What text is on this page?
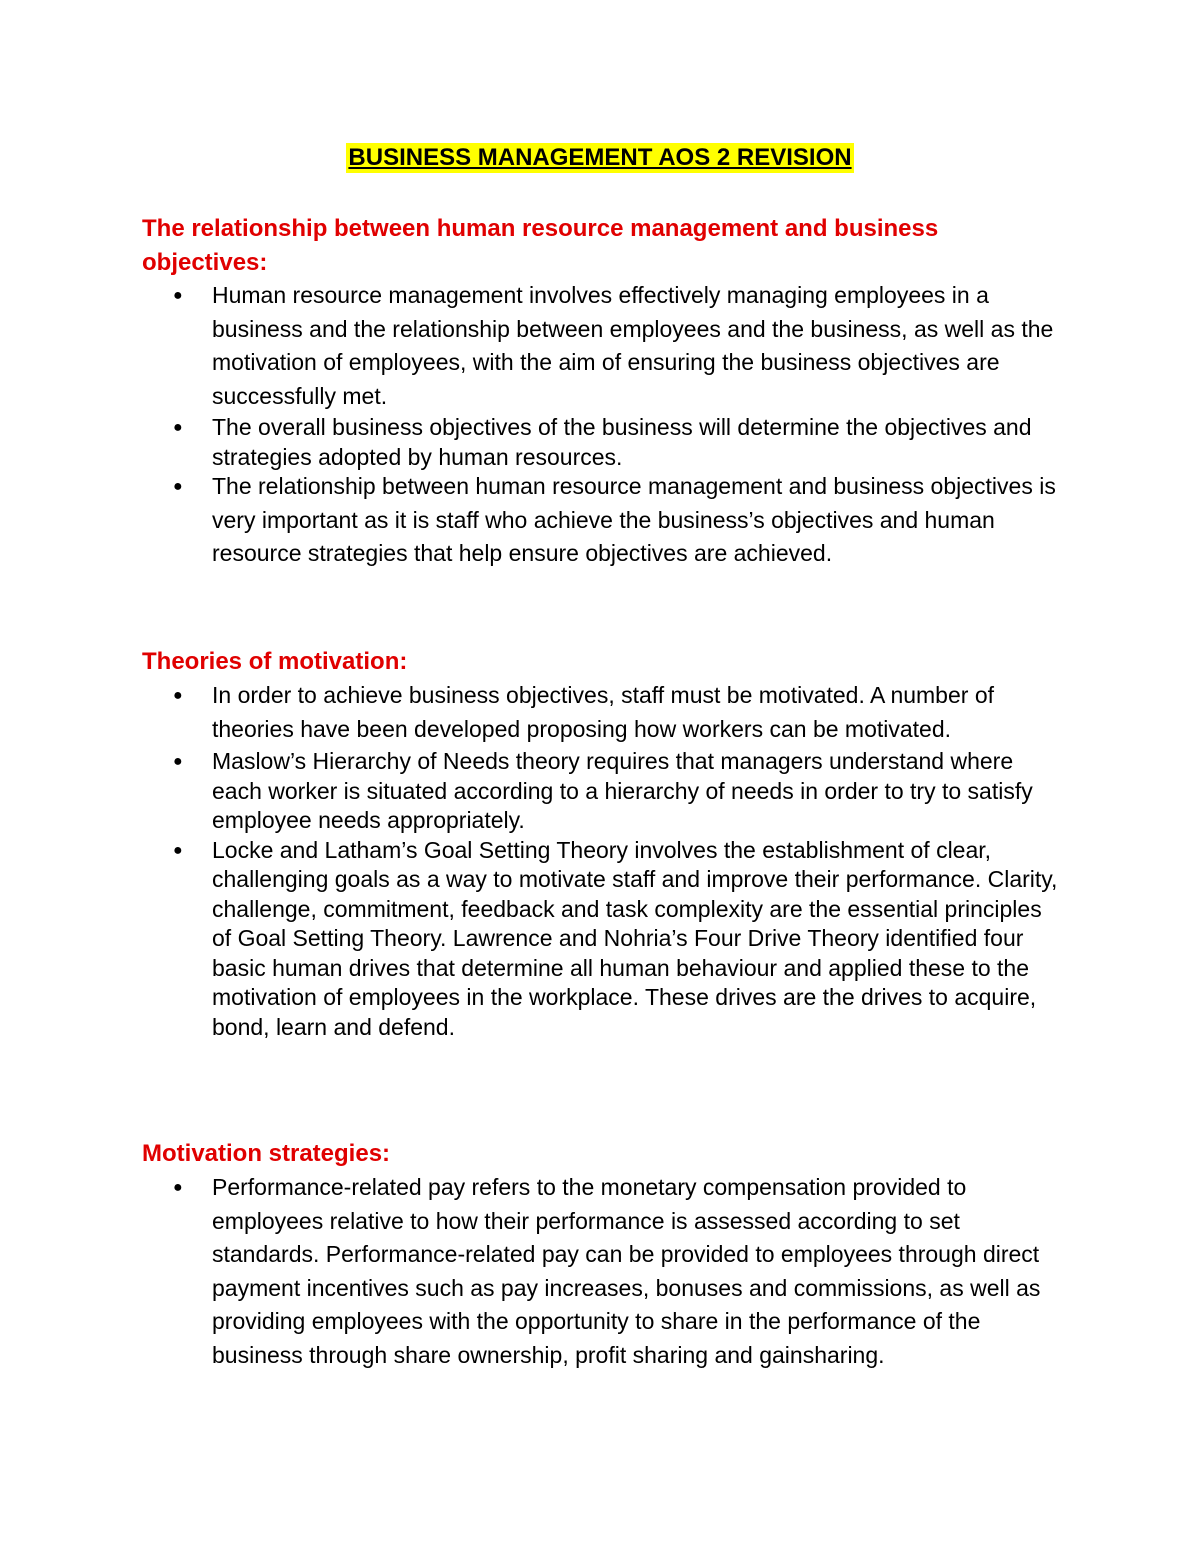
BUSINESS MANAGEMENT AOS 2 REVISION

The relationship between human resource management and business objectives:

● Human resource management involves effectively managing employees in a business and the relationship between employees and the business, as well as the motivation of employees, with the aim of ensuring the business objectives are successfully met.
● The overall business objectives of the business will determine the objectives and strategies adopted by human resources.
● The relationship between human resource management and business objectives is very important as it is staff who achieve the business’s objectives and human resource strategies that help ensure objectives are achieved.

Theories of motivation:

● In order to achieve business objectives, staff must be motivated. A number of theories have been developed proposing how workers can be motivated.
● Maslow’s Hierarchy of Needs theory requires that managers understand where each worker is situated according to a hierarchy of needs in order to try to satisfy employee needs appropriately.
● Locke and Latham’s Goal Setting Theory involves the establishment of clear, challenging goals as a way to motivate staff and improve their performance. Clarity, challenge, commitment, feedback and task complexity are the essential principles of Goal Setting Theory. Lawrence and Nohria’s Four Drive Theory identified four basic human drives that determine all human behaviour and applied these to the motivation of employees in the workplace. These drives are the drives to acquire, bond, learn and defend.

Motivation strategies:

● Performance-related pay refers to the monetary compensation provided to employees relative to how their performance is assessed according to set standards. Performance-related pay can be provided to employees through direct payment incentives such as pay increases, bonuses and commissions, as well as providing employees with the opportunity to share in the performance of the business through share ownership, profit sharing and gainsharing.
